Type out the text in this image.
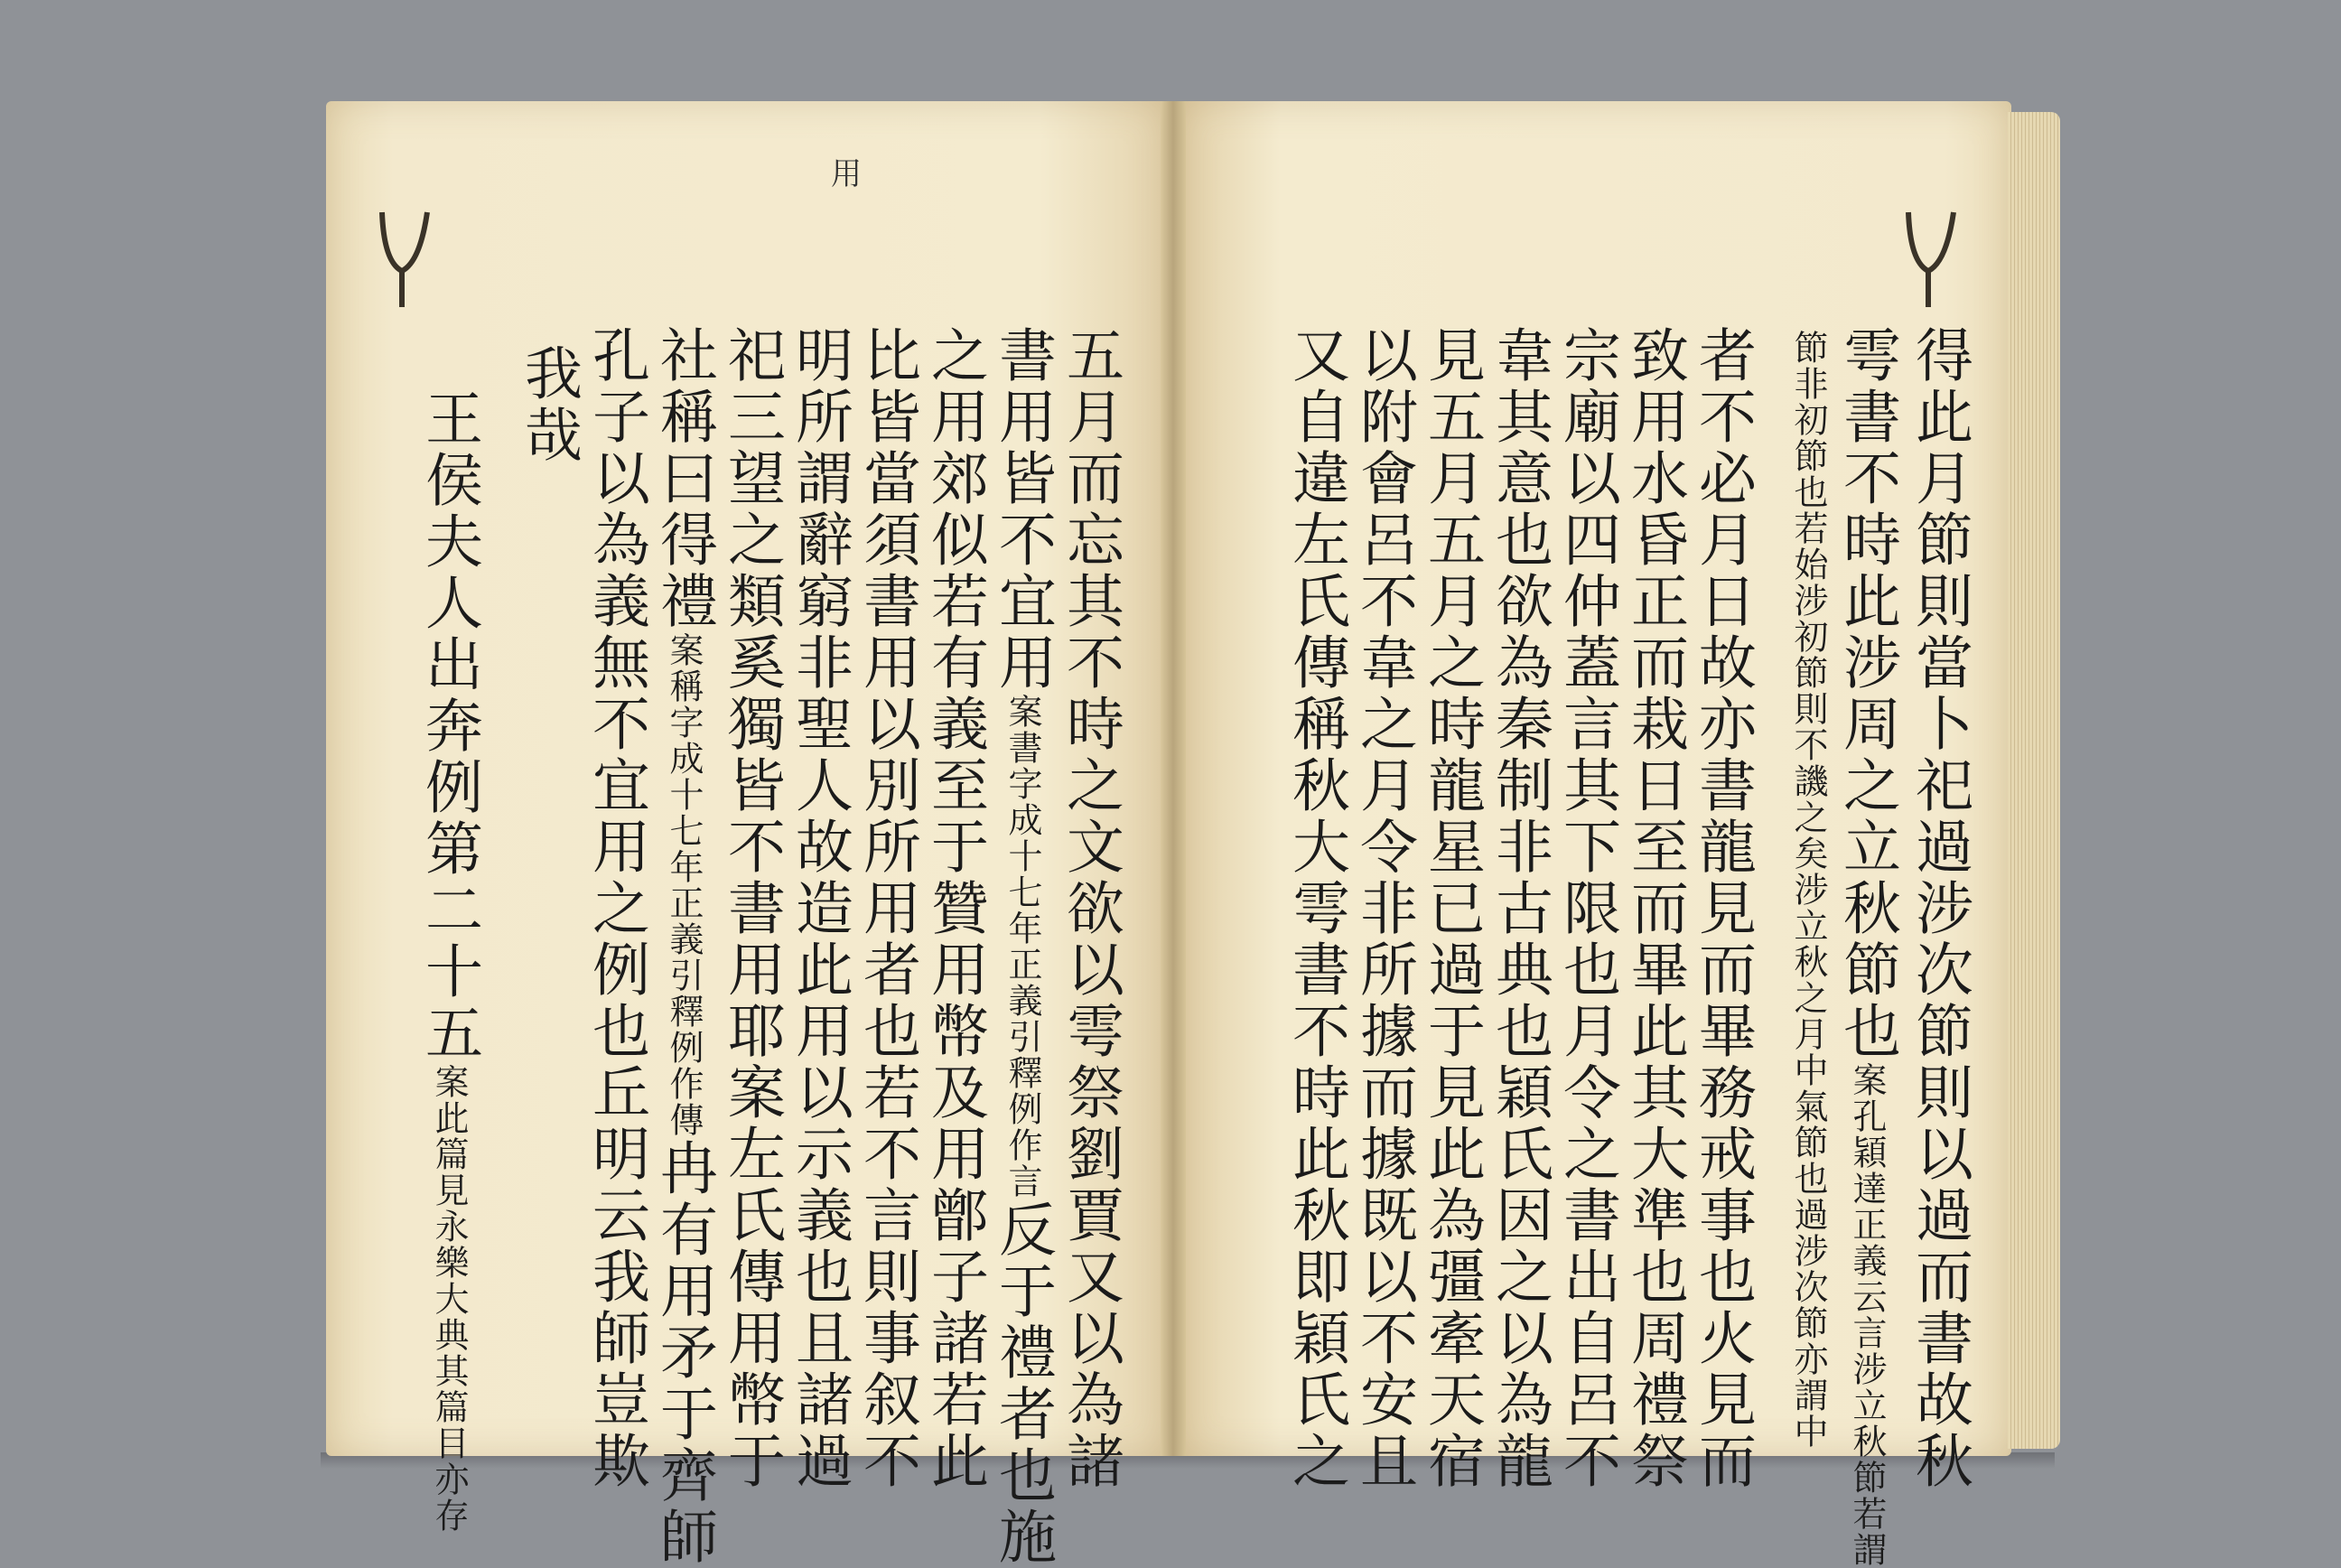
用
得此月節則當卜祀過涉次節則以過而書故秋
雩書不時此涉周之立秋節也案孔穎達正義云言涉立秋節若謂
節非初節也若始涉初節則不譏之矣涉立秋之月中氣節也過涉次節亦謂中
者不必月日故亦書龍見而畢務戒事也火見而
致用水昏正而栽日至而畢此其大準也周禮祭
宗廟以四仲蓋言其下限也月令之書出自呂不
韋其意也欲為秦制非古典也穎氏因之以為龍
見五月五月之時龍星已過于見此為彊牽天宿
以附會呂不韋之月令非所據而據既以不安且
又自違左氏傳稱秋大雩書不時此秋即穎氏之
五月而忘其不時之文欲以雩祭劉賈又以為諸
書用皆不宜用案書字成十七年正義引釋例作言反于禮者也施
之用郊似若有義至于贊用幣及用鄫子諸若此
比皆當須書用以別所用者也若不言則事叙不
明所謂辭窮非聖人故造此用以示義也且諸過
祀三望之類奚獨皆不書用耶案左氏傳用幣于
社稱曰得禮案稱字成十七年正義引釋例作傳冉有用矛于齊師
孔子以為義無不宜用之例也丘明云我師豈欺
我哉
王侯夫人出奔例第二十五案此篇見永樂大典其篇目亦存
